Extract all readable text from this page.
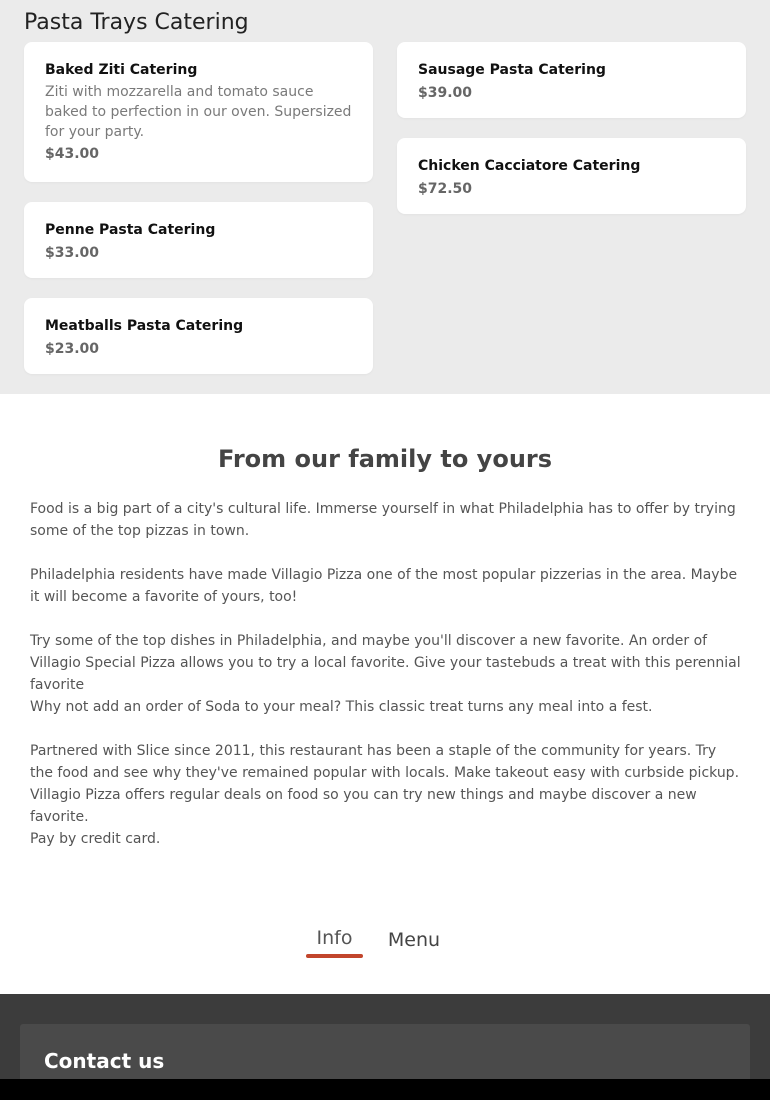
Pasta Trays Catering
Baked Ziti Catering
Ziti with mozzarella and tomato sauce baked to perfection in our oven. Supersized for your party.
$43.00
Sausage Pasta Catering
$39.00
Chicken Cacciatore Catering
$72.50
Penne Pasta Catering
$33.00
Meatballs Pasta Catering
$23.00
From our family to yours

Food is a big part of a city's cultural life. Immerse yourself in what Philadelphia has to offer by trying some of the top pizzas in town.

Philadelphia residents have made Villagio Pizza one of the most popular pizzerias in the area. Maybe it will become a favorite of yours, too!

Try some of the top dishes in Philadelphia, and maybe you'll discover a new favorite. An order of Villagio Special Pizza allows you to try a local favorite. Give your tastebuds a treat with this perennial favorite

Why not add an order of Soda to your meal? This classic treat turns any meal into a fest.

Partnered with Slice since 2011, this restaurant has been a staple of the community for years. Try the food and see why they've remained popular with locals. Make takeout easy with curbside pickup. Villagio Pizza offers regular deals on food so you can try new things and maybe discover a new favorite.

Pay by credit card.

Info	Menu
Contact us
